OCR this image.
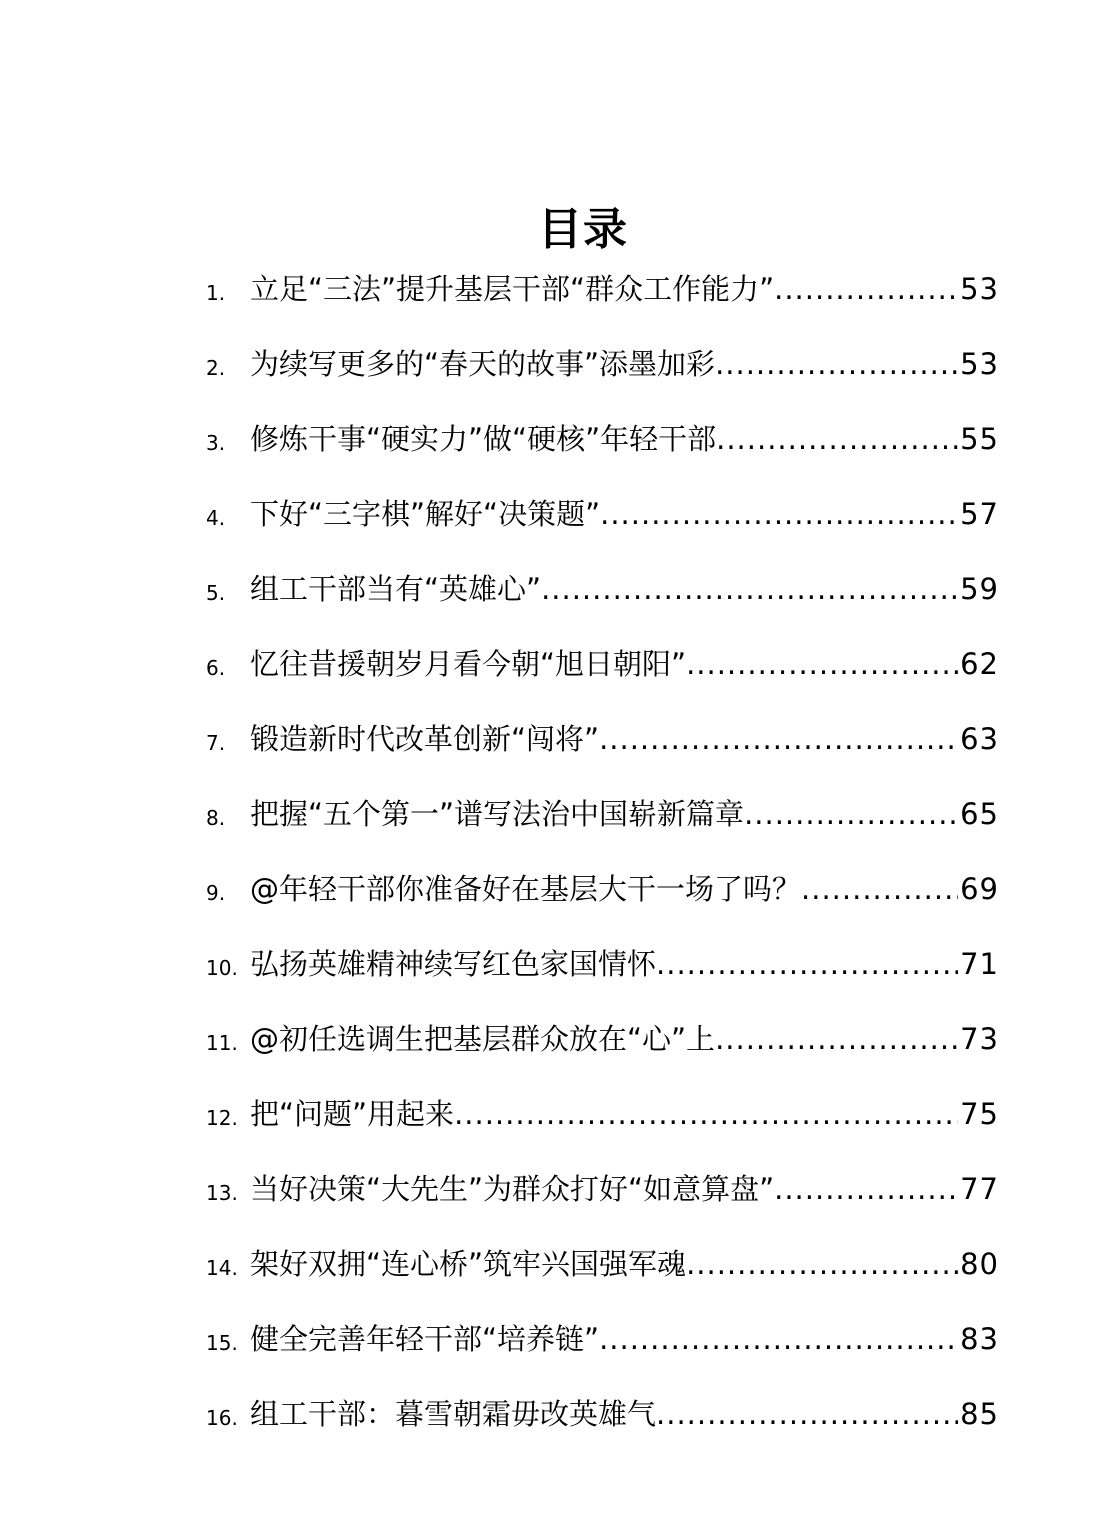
目录
1. 立足“三法”提升基层干部“群众工作能力” .....	53
2. 为续写更多的“春天的故事”添墨加彩 .....	53
3. 修炼干事“硬实力”做“硬核”年轻干部 .....	55
4. 下好“三字棋”解好“决策题” .....	57
5. 组工干部当有“英雄心” .....	59
6. 忆往昔援朝岁月看今朝“旭日朝阳” .....	62
7. 锻造新时代改革创新“闯将” .....	63
8. 把握“五个第一”谱写法治中国崭新篇章 .....	65
9. @年轻干部你准备好在基层大干一场了吗？ .....	69
10. 弘扬英雄精神续写红色家国情怀 .....	71
11. @初任选调生把基层群众放在“心”上 .....	73
12. 把“问题”用起来 .....	75
13. 当好决策“大先生”为群众打好“如意算盘” .....	77
14. 架好双拥“连心桥”筑牢兴国强军魂 .....	80
15. 健全完善年轻干部“培养链” .....	83
16. 组工干部：暮雪朝霜毋改英雄气 .....	85
